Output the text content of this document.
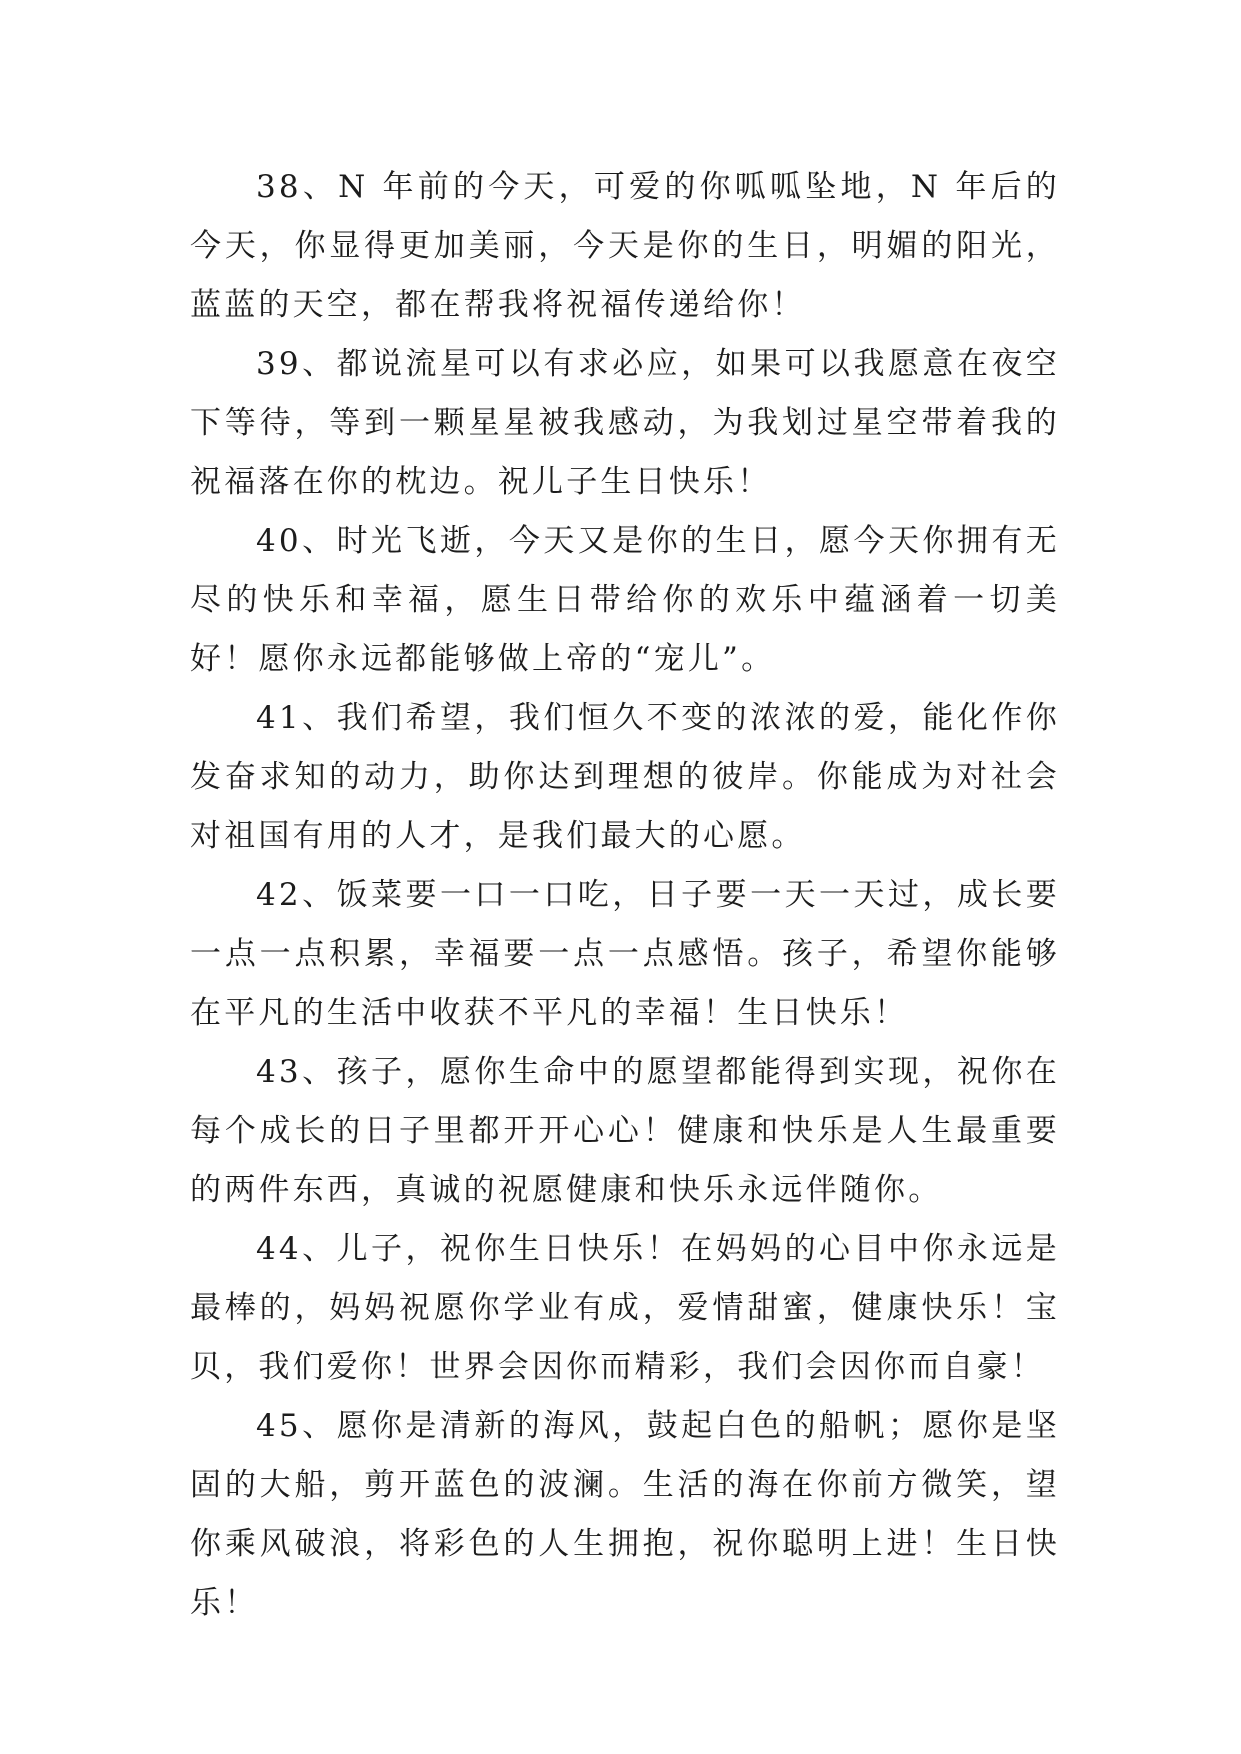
38、N 年前的今天，可爱的你呱呱坠地，N 年后的今天，你显得更加美丽，今天是你的生日，明媚的阳光，蓝蓝的天空，都在帮我将祝福传递给你！

39、都说流星可以有求必应，如果可以我愿意在夜空下等待，等到一颗星星被我感动，为我划过星空带着我的祝福落在你的枕边。祝儿子生日快乐！

40、时光飞逝，今天又是你的生日，愿今天你拥有无尽的快乐和幸福，愿生日带给你的欢乐中蕴涵着一切美好！愿你永远都能够做上帝的“宠儿”。

41、我们希望，我们恒久不变的浓浓的爱，能化作你发奋求知的动力，助你达到理想的彼岸。你能成为对社会对祖国有用的人才，是我们最大的心愿。

42、饭菜要一口一口吃，日子要一天一天过，成长要一点一点积累，幸福要一点一点感悟。孩子，希望你能够在平凡的生活中收获不平凡的幸福！生日快乐！

43、孩子，愿你生命中的愿望都能得到实现，祝你在每个成长的日子里都开开心心！健康和快乐是人生最重要的两件东西，真诚的祝愿健康和快乐永远伴随你。

44、儿子，祝你生日快乐！在妈妈的心目中你永远是最棒的，妈妈祝愿你学业有成，爱情甜蜜，健康快乐！宝贝，我们爱你！世界会因你而精彩，我们会因你而自豪！

45、愿你是清新的海风，鼓起白色的船帆；愿你是坚固的大船，剪开蓝色的波澜。生活的海在你前方微笑，望你乘风破浪，将彩色的人生拥抱，祝你聪明上进！生日快乐！
